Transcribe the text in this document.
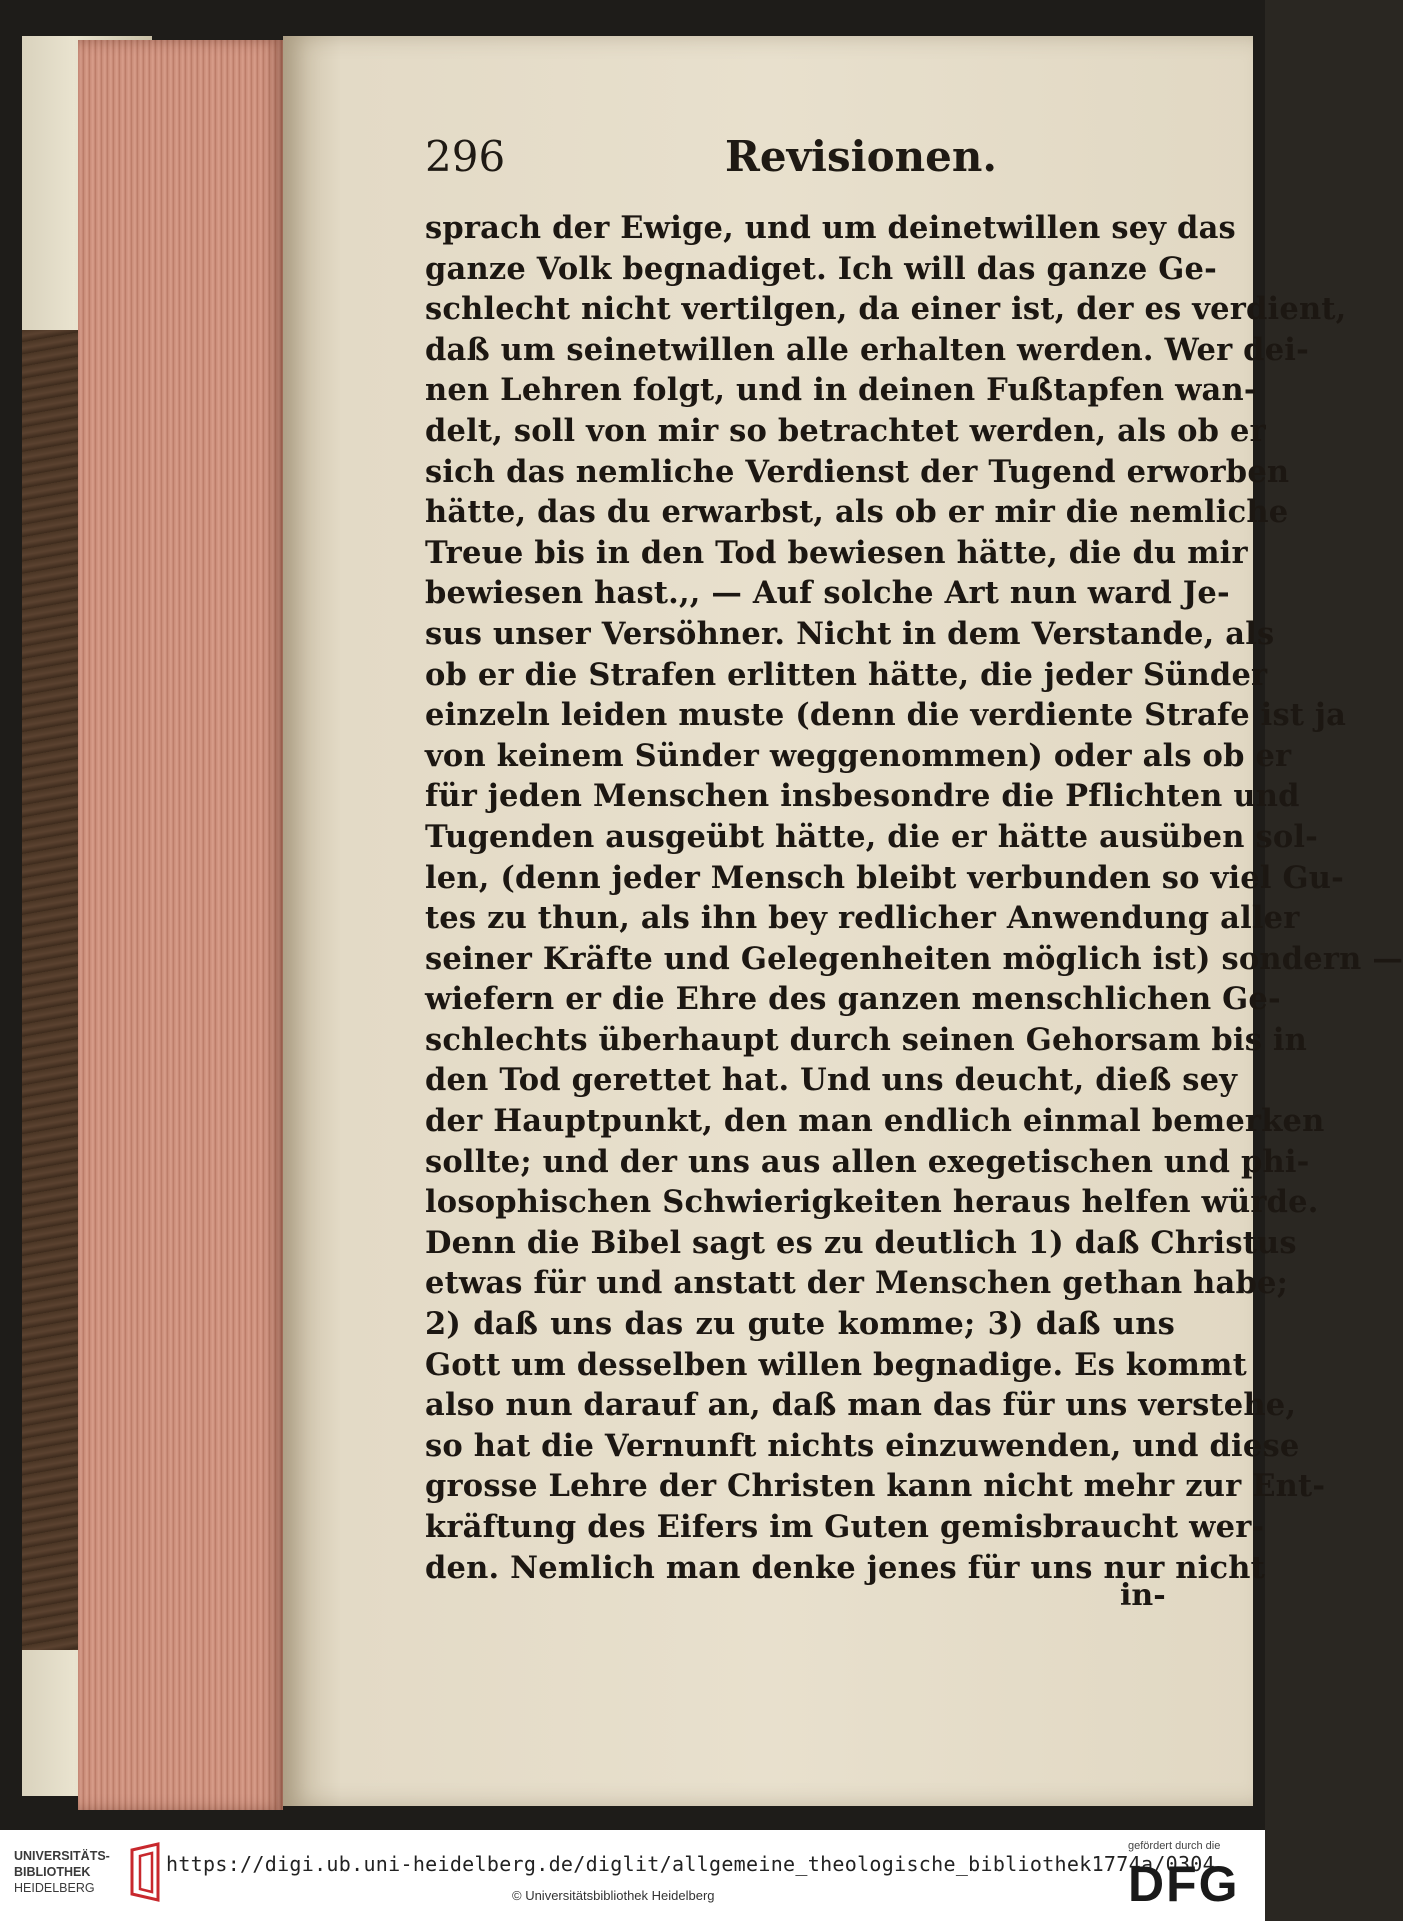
296	Revisionen.
sprach der Ewige, und um deinetwillen sey das
ganze Volk begnadiget. Ich will das ganze Ge-
schlecht nicht vertilgen, da einer ist, der es verdient,
daß um seinetwillen alle erhalten werden. Wer dei-
nen Lehren folgt, und in deinen Fußtapfen wan-
delt, soll von mir so betrachtet werden, als ob er
sich das nemliche Verdienst der Tugend erworben
hätte, das du erwarbst, als ob er mir die nemliche
Treue bis in den Tod bewiesen hätte, die du mir
bewiesen hast.,, — Auf solche Art nun ward Je-
sus unser Versöhner. Nicht in dem Verstande, als
ob er die Strafen erlitten hätte, die jeder Sünder
einzeln leiden muste (denn die verdiente Strafe ist ja
von keinem Sünder weggenommen) oder als ob er
für jeden Menschen insbesondre die Pflichten und
Tugenden ausgeübt hätte, die er hätte ausüben sol-
len, (denn jeder Mensch bleibt verbunden so viel Gu-
tes zu thun, als ihn bey redlicher Anwendung aller
seiner Kräfte und Gelegenheiten möglich ist) sondern —
wiefern er die Ehre des ganzen menschlichen Ge-
schlechts überhaupt durch seinen Gehorsam bis in
den Tod gerettet hat. Und uns deucht, dieß sey
der Hauptpunkt, den man endlich einmal bemerken
sollte; und der uns aus allen exegetischen und phi-
losophischen Schwierigkeiten heraus helfen würde.
Denn die Bibel sagt es zu deutlich 1) daß Christus
etwas für und anstatt der Menschen gethan habe;
2) daß uns das zu gute komme; 3) daß uns
Gott um desselben willen begnadige. Es kommt
also nun darauf an, daß man das für uns verstehe,
so hat die Vernunft nichts einzuwenden, und diese
grosse Lehre der Christen kann nicht mehr zur Ent-
kräftung des Eifers im Guten gemisbraucht wer-
den. Nemlich man denke jenes für uns nur nicht
in-
UNIVERSITÄTS-
BIBLIOTHEK
HEIDELBERG
https://digi.ub.uni-heidelberg.de/diglit/allgemeine_theologische_bibliothek1774a/0304
© Universitätsbibliothek Heidelberg
gefördert durch die
DFG
